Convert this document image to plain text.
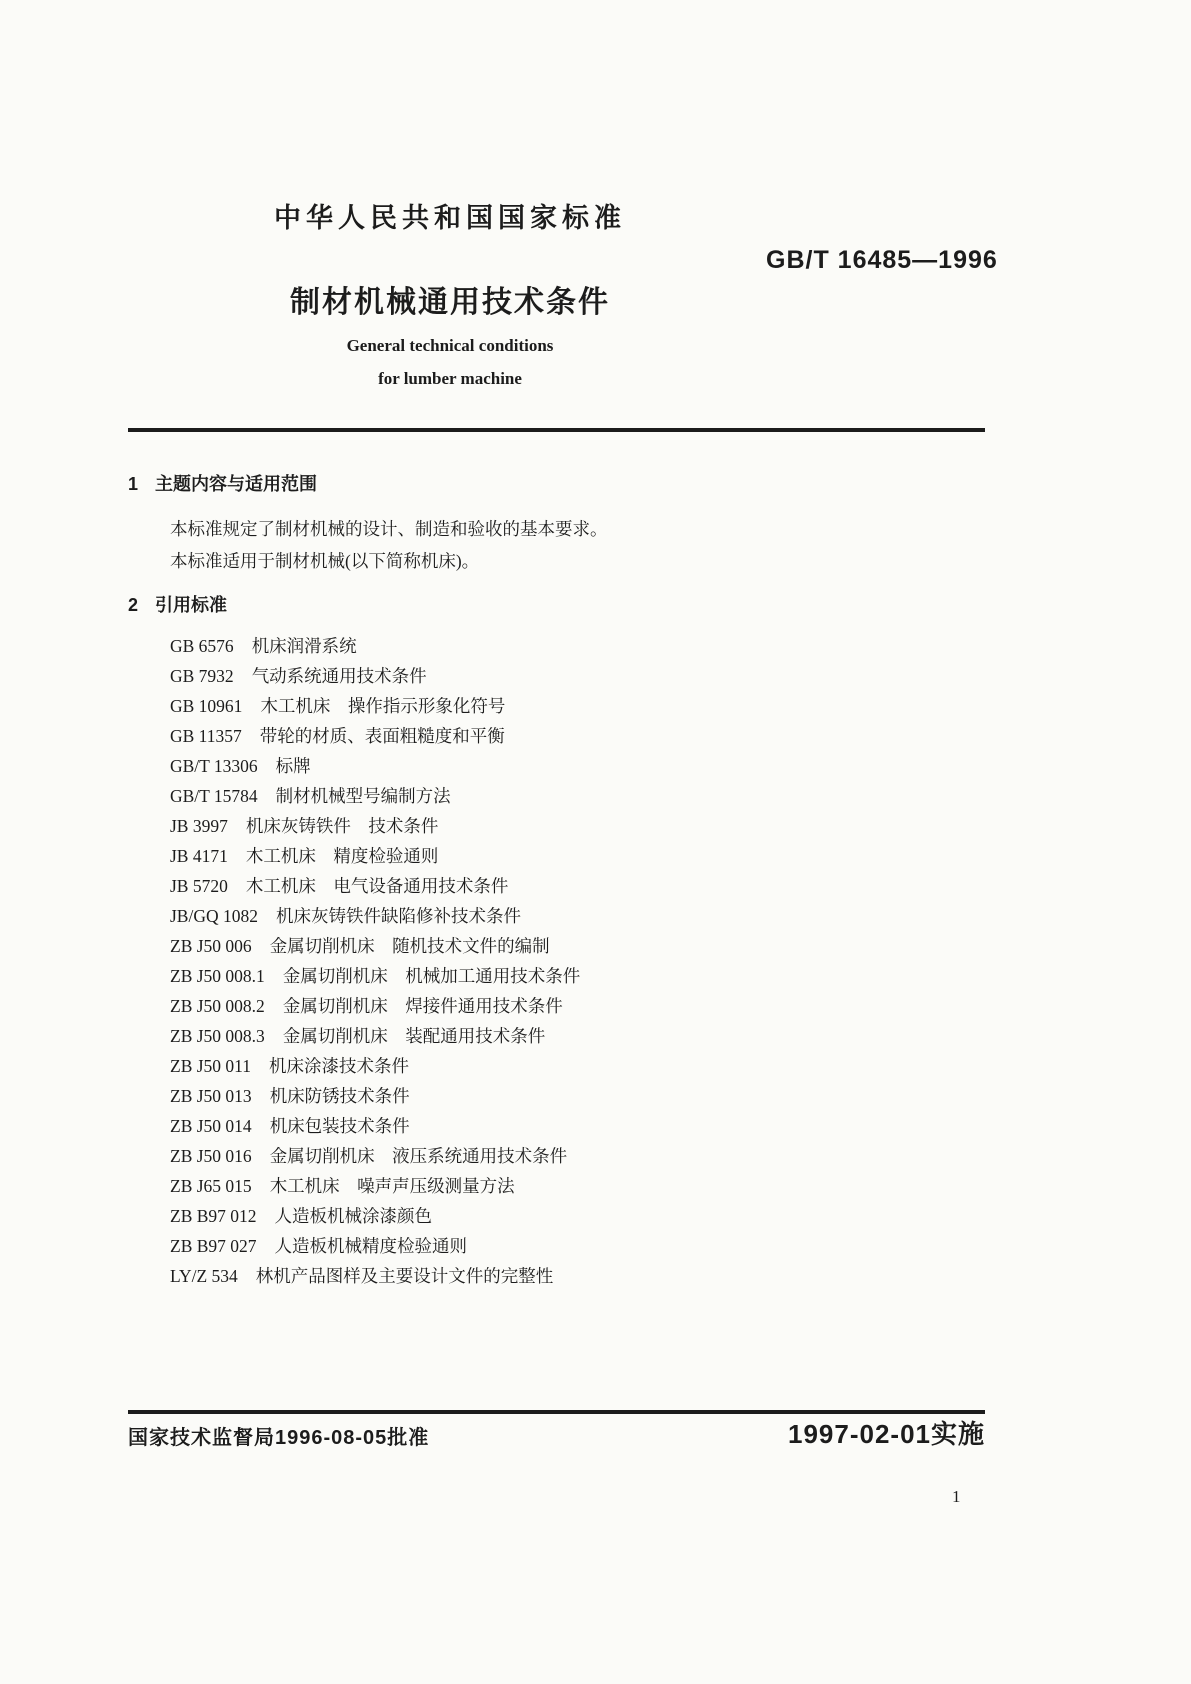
中华人民共和国国家标准
GB/T 16485—1996
制材机械通用技术条件
General technical conditions
for lumber machine
1 主题内容与适用范围
本标准规定了制材机械的设计、制造和验收的基本要求。
本标准适用于制材机械(以下简称机床)。
2 引用标准
GB 6576 机床润滑系统
GB 7932 气动系统通用技术条件
GB 10961 木工机床　操作指示形象化符号
GB 11357 带轮的材质、表面粗糙度和平衡
GB/T 13306 标牌
GB/T 15784 制材机械型号编制方法
JB 3997 机床灰铸铁件　技术条件
JB 4171 木工机床　精度检验通则
JB 5720 木工机床　电气设备通用技术条件
JB/GQ 1082 机床灰铸铁件缺陷修补技术条件
ZB J50 006 金属切削机床　随机技术文件的编制
ZB J50 008.1 金属切削机床　机械加工通用技术条件
ZB J50 008.2 金属切削机床　焊接件通用技术条件
ZB J50 008.3 金属切削机床　装配通用技术条件
ZB J50 011 机床涂漆技术条件
ZB J50 013 机床防锈技术条件
ZB J50 014 机床包装技术条件
ZB J50 016 金属切削机床　液压系统通用技术条件
ZB J65 015 木工机床　噪声声压级测量方法
ZB B97 012 人造板机械涂漆颜色
ZB B97 027 人造板机械精度检验通则
LY/Z 534 林机产品图样及主要设计文件的完整性
国家技术监督局1996-08-05批准	1997-02-01实施
1
